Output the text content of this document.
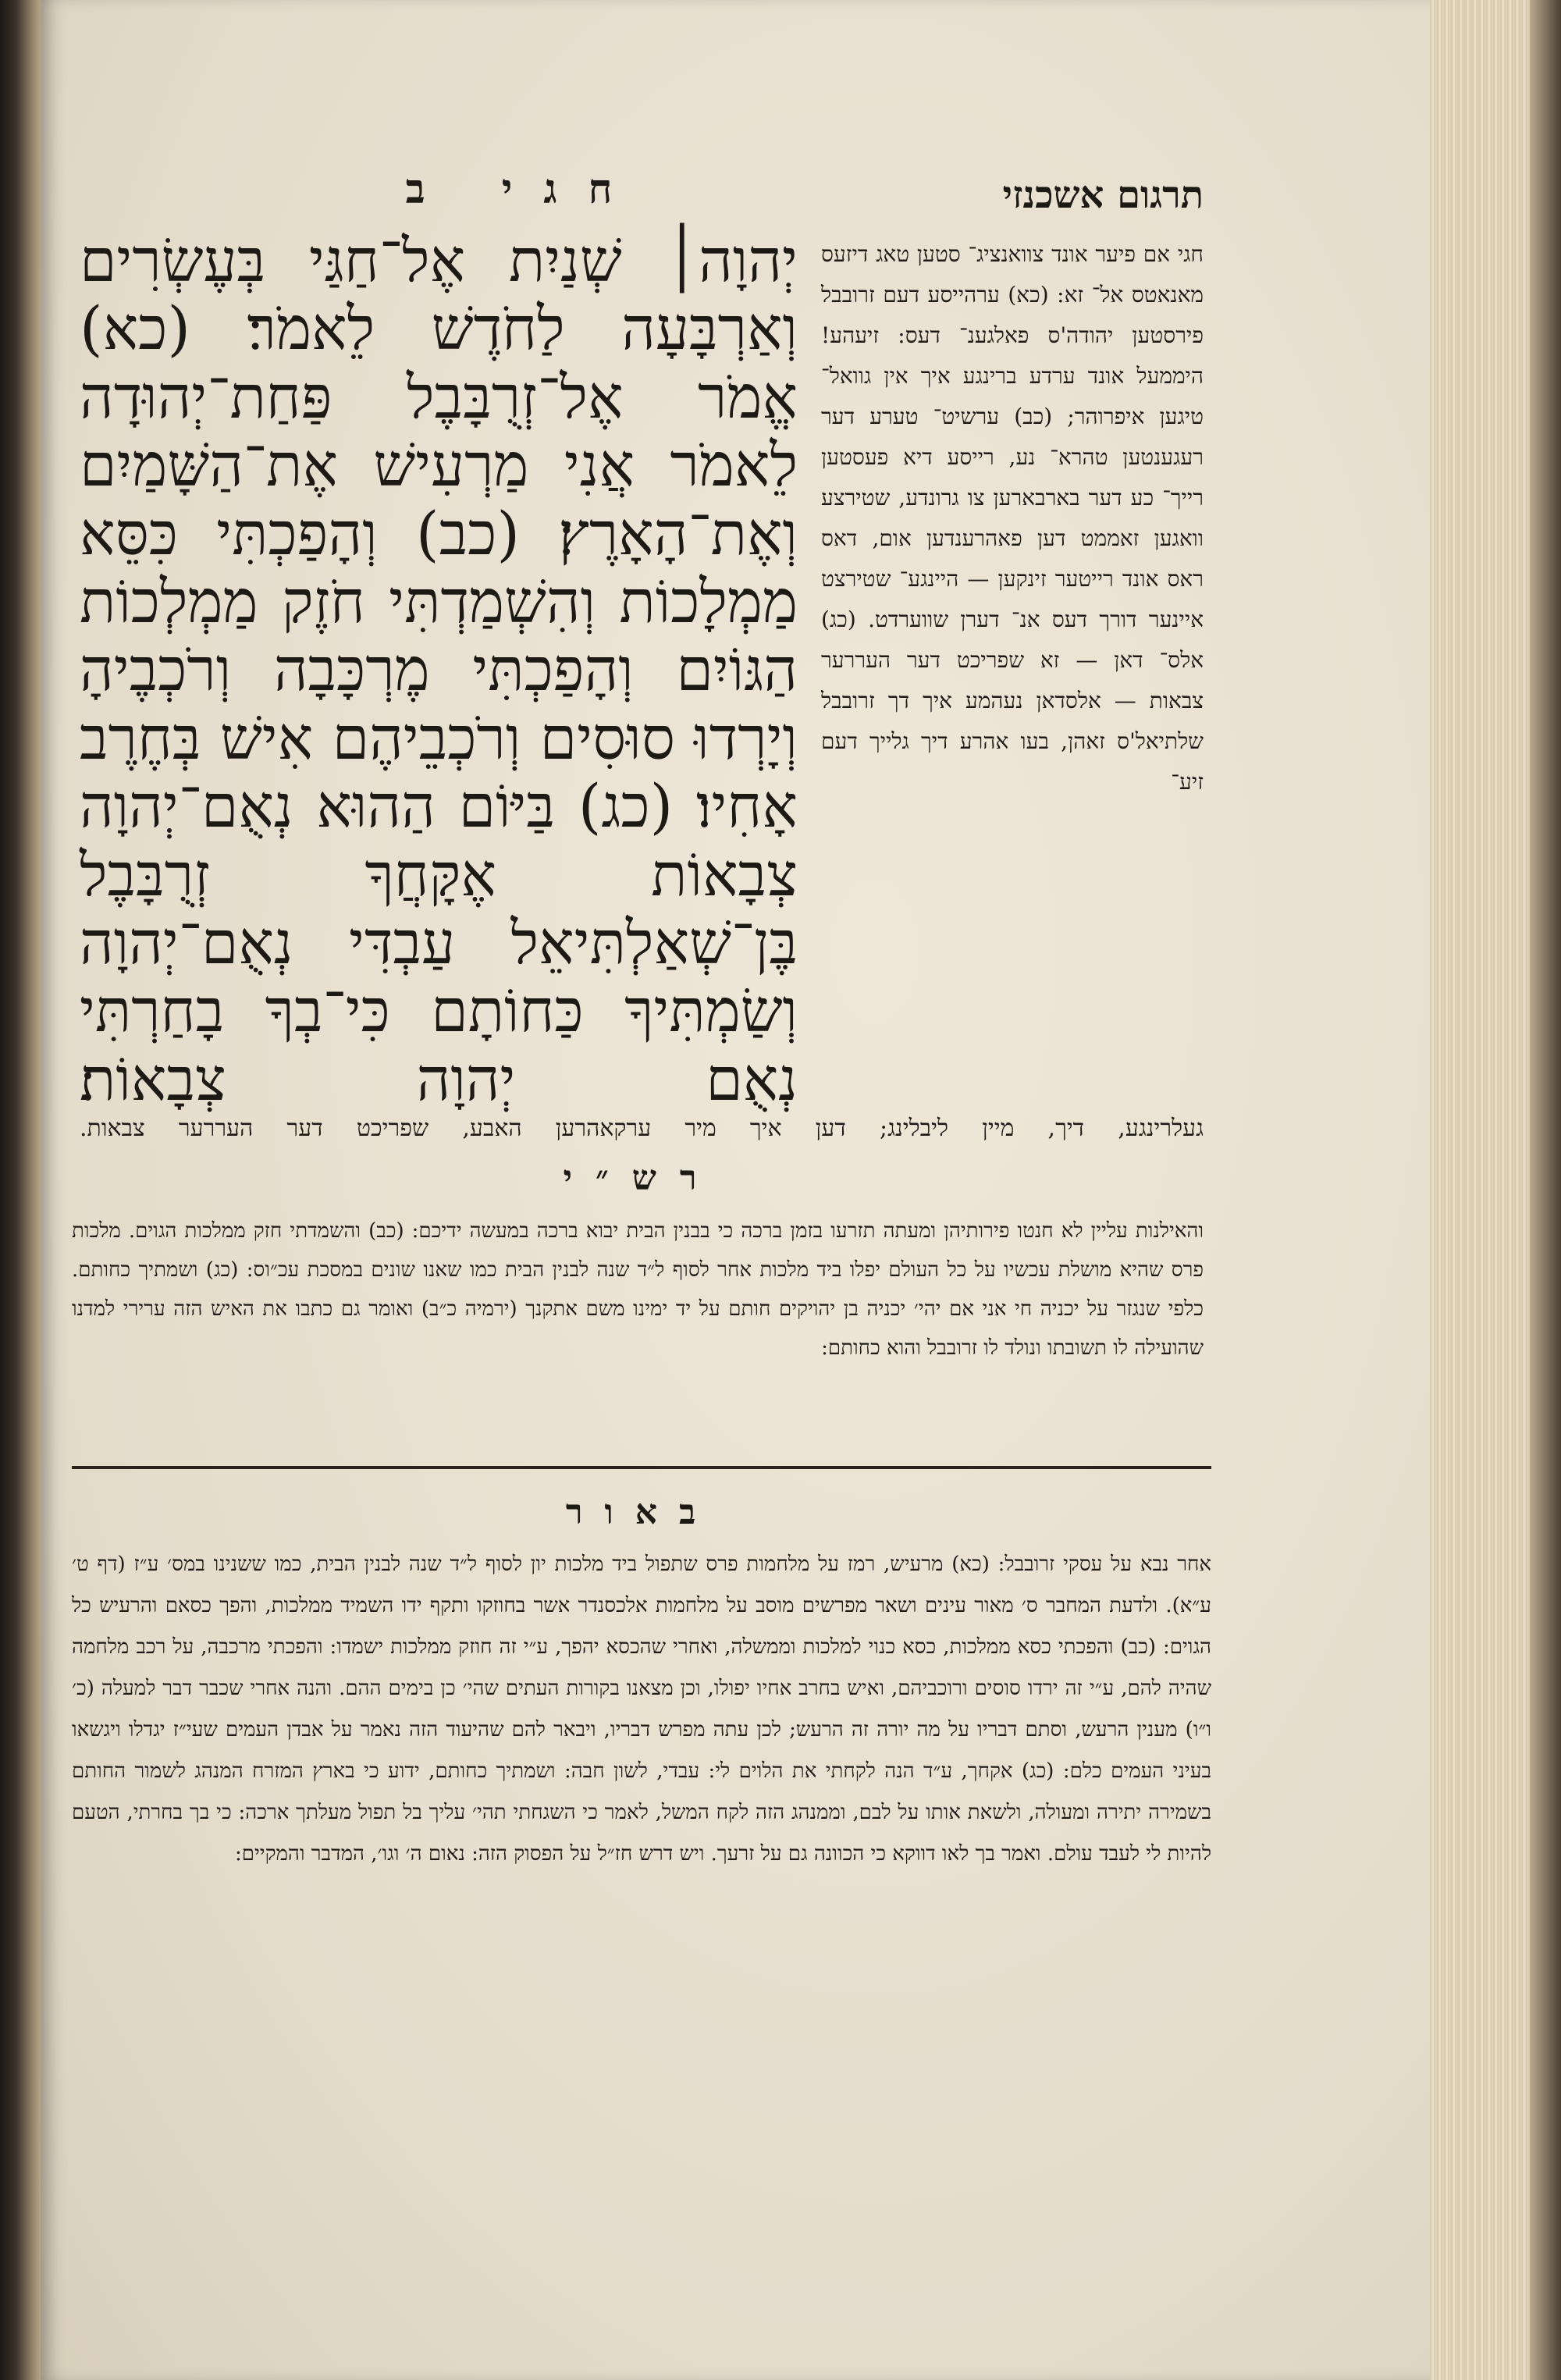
חגי ב	תרגום אשכנזי
יְהוָה׀ שְׁנַיִת אֶל־חַגַּי בְּעֶשְׂרִים וְאַרְבָּעָה לַחֹדֶשׁ לֵאמֹר׃ (כא) אֱמֹר אֶל־זְרֻבָּבֶל פַּחַת־יְהוּדָה לֵאמֹר אֲנִי מַרְעִישׁ אֶת־הַשָּׁמַיִם וְאֶת־הָאָרֶץ׃ (כב) וְהָפַכְתִּי כִּסֵּא מַמְלָכוֹת וְהִשְׁמַדְתִּי חֹזֶק מַמְלְכוֹת הַגּוֹיִם וְהָפַכְתִּי מֶרְכָּבָה וְרֹכְבֶיהָ וְיָרְדוּ סוּסִים וְרֹכְבֵיהֶם אִישׁ בְּחֶרֶב אָחִיו׃ (כג) בַּיּוֹם הַהוּא נְאֻם־יְהוָה צְבָאוֹת אֶקָּחֲךָ זְרֻבָּבֶל בֶּן־שְׁאַלְתִּיאֵל עַבְדִּי נְאֻם־יְהוָה וְשַׂמְתִּיךָ כַּחוֹתָם כִּי־בְךָ בָחַרְתִּי נְאֻם יְהוָה צְבָאוֹת׃
חגי אם פיער אונד צוואנציג־ סטען טאג דיזעס מאנאטס אל־ זא: (כא) ערהייסע דעם זרובבל פירסטען יהודה'ס פאלגענ־ דעס: זיעהע! היממעל אונד ערדע ברינגע איך אין גוואל־ טיגען איפרוהר; (כב) ערשיט־ טערע דער רעגענטען טהרא־ נע, רייסע דיא פעסטען רייך־ כע דער בארבארען צו גרונדע, שטירצע וואגען זאממט דען פאהרענדען אום, דאס ראס אונד רייטער זינקען — היינגע־ שטירצט איינער דורך דעס אנ־ דערן שווערדט. (כג) אלס־ דאן — זא שפריכט דער העררער צבאות — אלסדאן נעהמע איך דך זרובבל שלתיאל'ס זאהן, בעו אהרע דיך גלייך דעם זיע־
געלרינגע, דיך, מיין ליבלינג; דען איך מיר ערקאהרען האבע, שפריכט דער העררער צבאות.
רש״י
והאילנות עליין לא חנטו פירותיהן ומעתה תזרעו בזמן ברכה כי בבנין הבית יבוא ברכה במעשה ידיכם: (כב) והשמדתי חזק ממלכות הגוים. מלכות פרס שהיא מושלת עכשיו על כל העולם יפלו ביד מלכות אחר לסוף ל״ד שנה לבנין הבית כמו שאנו שונים במסכת עכ״וס: (כג) ושמתיך כחותם. כלפי שנגזר על יכניה חי אני אם יהי׳ יכניה בן יהויקים חותם על יד ימינו משם אתקנך (ירמיה כ״ב) ואומר גם כתבו את האיש הזה ערירי למדנו שהועילה לו תשובתו ונולד לו זרובבל והוא כחותם:
באור
אחר נבא על עסקי זרובבל: (כא) מרעיש, רמז על מלחמות פרס שתפול ביד מלכות יון לסוף ל״ד שנה לבנין הבית, כמו ששנינו במס׳ ע״ז (דף ט׳ ע״א). ולדעת המחבר ס׳ מאור עינים ושאר מפרשים מוסב על מלחמות אלכסנדר אשר בחוזקו ותקף ידו השמיד ממלכות, והפך כסאם והרעיש כל הגוים: (כב) והפכתי כסא ממלכות, כסא כנוי למלכות וממשלה, ואחרי שהכסא יהפך, ע״י זה חוזק ממלכות ישמדו: והפכתי מרכבה, על רכב מלחמה שהיה להם, ע״י זה ירדו סוסים ורוכביהם, ואיש בחרב אחיו יפולו, וכן מצאנו בקורות העתים שהי׳ כן בימים ההם. והנה אחרי שכבר דבר למעלה (כ׳ ו״ו) מענין הרעש, וסתם דבריו על מה יורה זה הרעש; לכן עתה מפרש דבריו, ויבאר להם שהיעוד הזה נאמר על אבדן העמים שעי״ז יגדלו ויגשאו בעיני העמים כלם: (כג) אקחך, ע״ד הנה לקחתי את הלוים לי: עבדי, לשון חבה: ושמתיך כחותם, ידוע כי בארץ המזרח המנהג לשמור החותם בשמירה יתירה ומעולה, ולשאת אותו על לבם, וממנהג הזה לקח המשל, לאמר כי השגחתי תהי׳ עליך בל תפול מעלתך ארכה: כי בך בחרתי, הטעם להיות לי לעבד עולם. ואמר בך לאו דווקא כי הכוונה גם על זרעך. ויש דרש חז״ל על הפסוק הזה: נאום ה׳ וגו׳, המדבר והמקיים:
